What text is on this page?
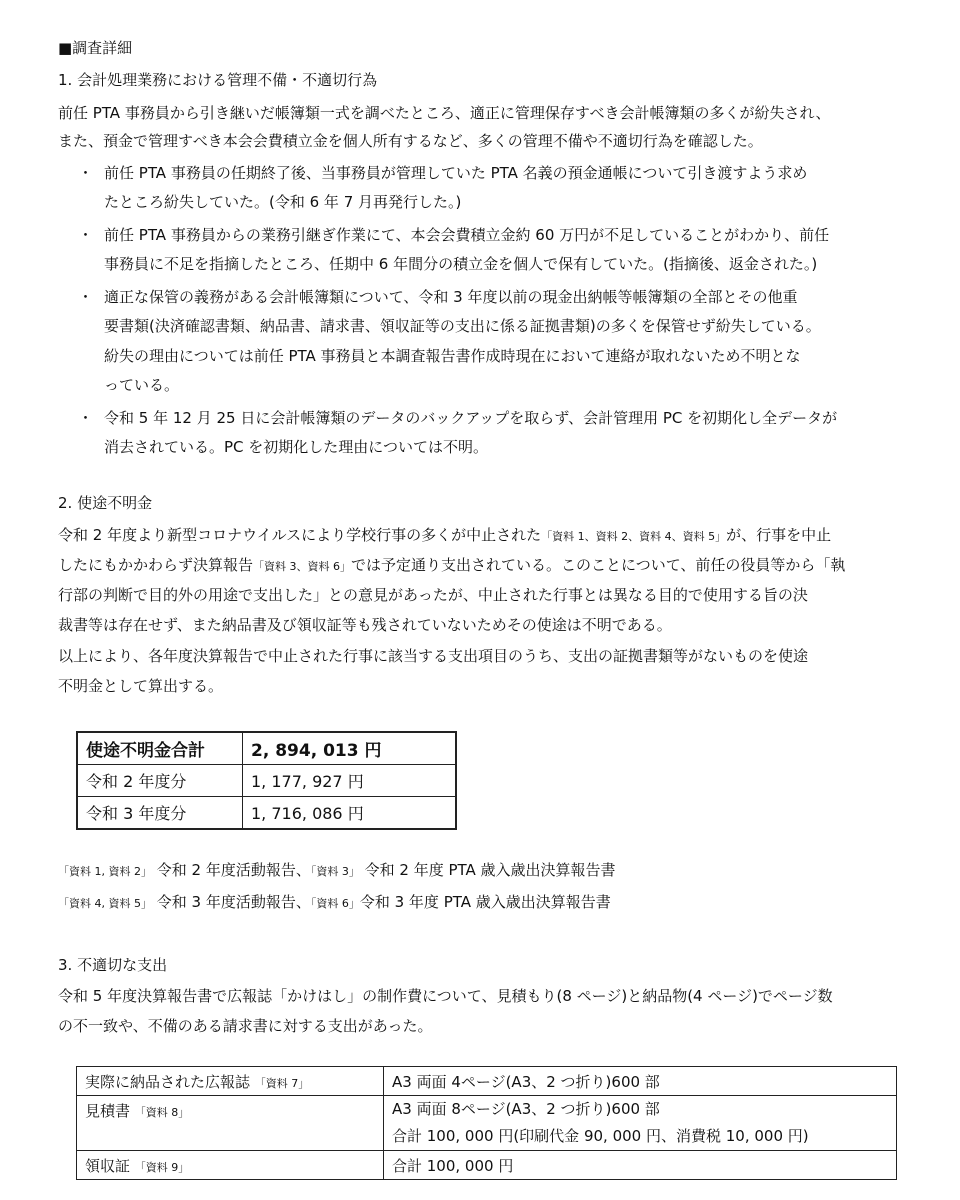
■調査詳細
1. 会計処理業務における管理不備・不適切行為
前任 PTA 事務員から引き継いだ帳簿類一式を調べたところ、適正に管理保存すべき会計帳簿類の多くが紛失され、
また、預金で管理すべき本会会費積立金を個人所有するなど、多くの管理不備や不適切行為を確認した。
・ 前任 PTA 事務員の任期終了後、当事務員が管理していた PTA 名義の預金通帳について引き渡すよう求め
たところ紛失していた。(令和 6 年 7 月再発行した。)
・ 前任 PTA 事務員からの業務引継ぎ作業にて、本会会費積立金約 60 万円が不足していることがわかり、前任
事務員に不足を指摘したところ、任期中 6 年間分の積立金を個人で保有していた。(指摘後、返金された。)
・ 適正な保管の義務がある会計帳簿類について、令和 3 年度以前の現金出納帳等帳簿類の全部とその他重
要書類(決済確認書類、納品書、請求書、領収証等の支出に係る証拠書類)の多くを保管せず紛失している。
紛失の理由については前任 PTA 事務員と本調査報告書作成時現在において連絡が取れないため不明とな
っている。
・ 令和 5 年 12 月 25 日に会計帳簿類のデータのバックアップを取らず、会計管理用 PC を初期化し全データが
消去されている。PC を初期化した理由については不明。
2. 使途不明金
令和 2 年度より新型コロナウイルスにより学校行事の多くが中止された「資料 1、資料 2、資料 4、資料 5」が、行事を中止
したにもかかわらず決算報告「資料 3、資料 6」では予定通り支出されている。このことについて、前任の役員等から「執
行部の判断で目的外の用途で支出した」との意見があったが、中止された行事とは異なる目的で使用する旨の決
裁書等は存在せず、また納品書及び領収証等も残されていないためその使途は不明である。
以上により、各年度決算報告で中止された行事に該当する支出項目のうち、支出の証拠書類等がないものを使途
不明金として算出する。
使途不明金合計	2, 894, 013 円
令和 2 年度分	1, 177, 927 円
令和 3 年度分	1, 716, 086 円
「資料 1, 資料 2」 令和 2 年度活動報告、「資料 3」 令和 2 年度 PTA 歳入歳出決算報告書
「資料 4, 資料 5」 令和 3 年度活動報告、「資料 6」令和 3 年度 PTA 歳入歳出決算報告書
3. 不適切な支出
令和 5 年度決算報告書で広報誌「かけはし」の制作費について、見積もり(8 ページ)と納品物(4 ページ)でページ数
の不一致や、不備のある請求書に対する支出があった。
実際に納品された広報誌 「資料 7」	A3 両面 4ページ(A3、2 つ折り)600 部
見積書 「資料 8」	A3 両面 8ページ(A3、2 つ折り)600 部
合計 100, 000 円(印刷代金 90, 000 円、消費税 10, 000 円)

領収証 「資料 9」	合計 100, 000 円
